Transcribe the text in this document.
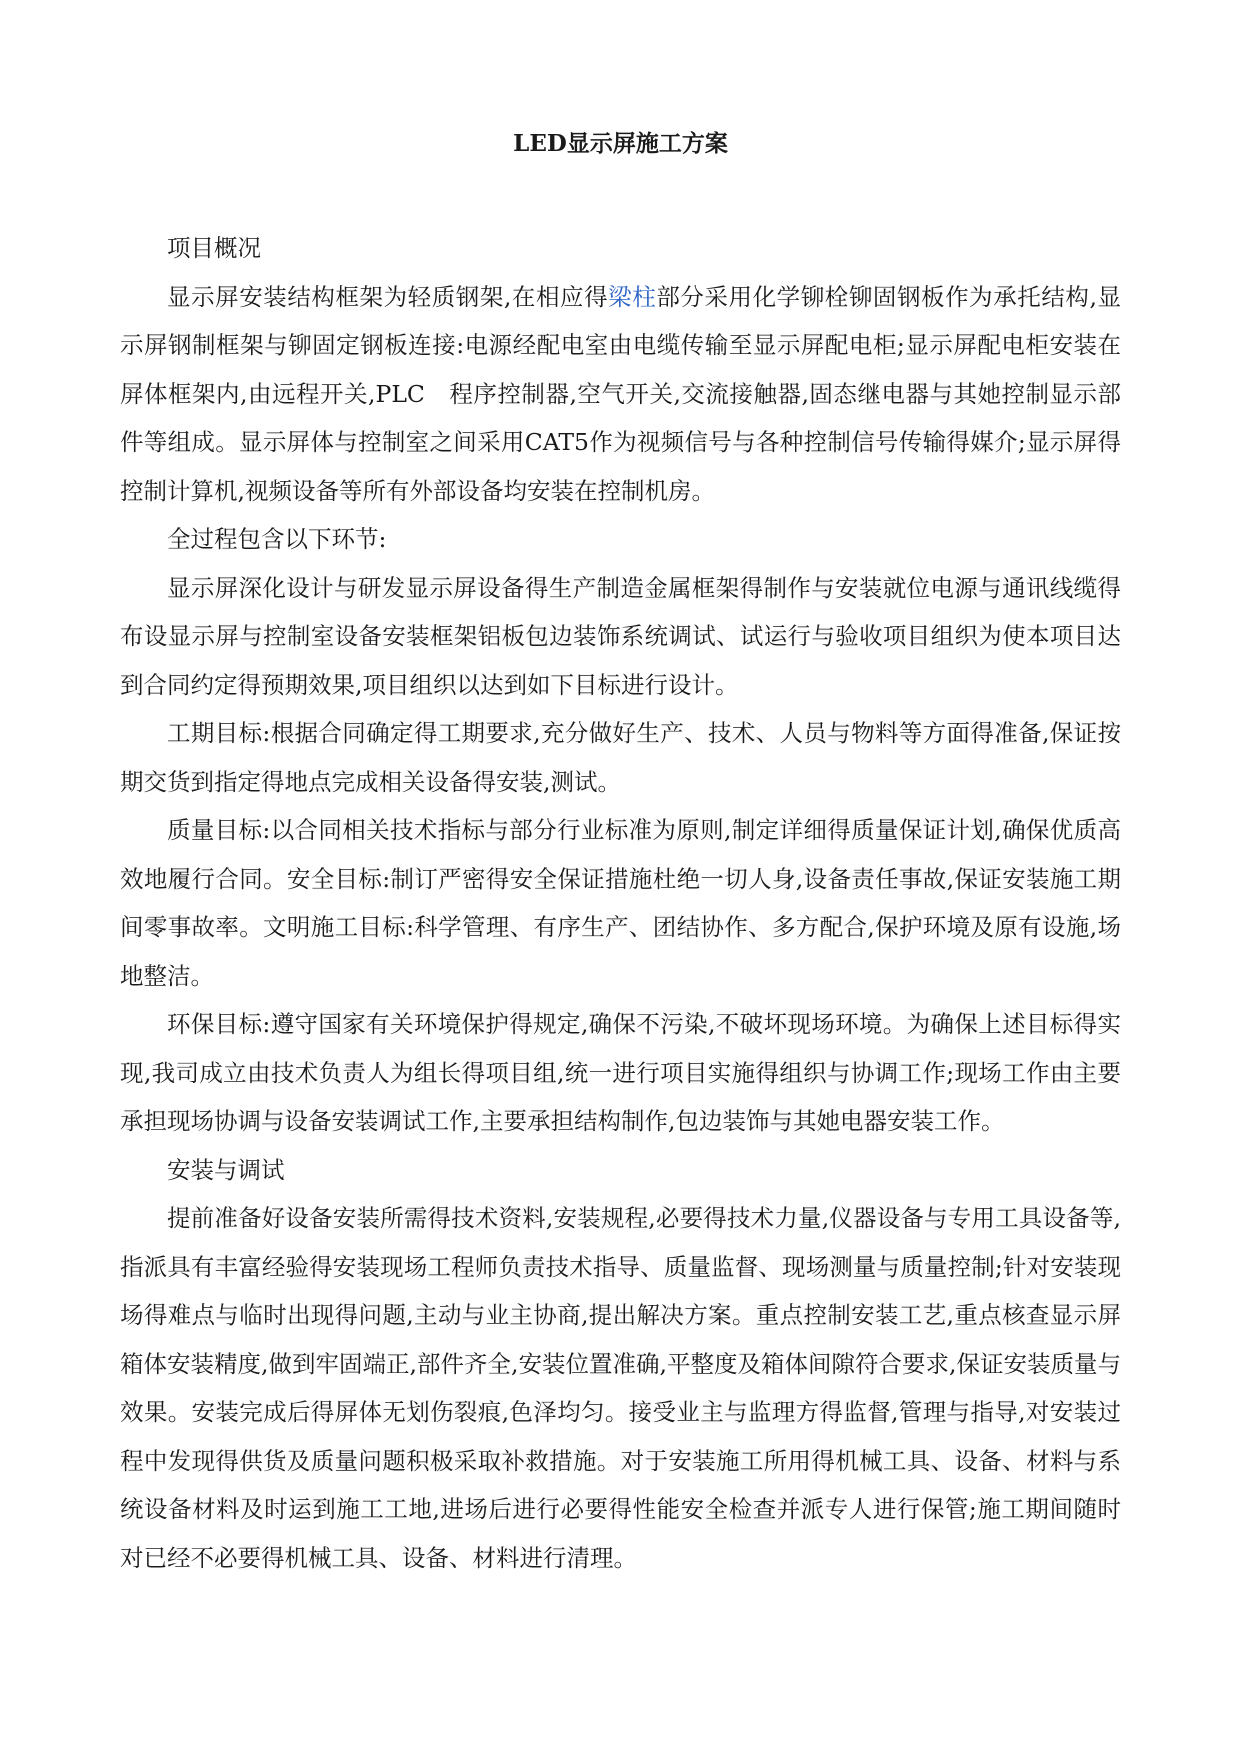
LED显示屏施工方案

项目概况

显示屏安装结构框架为轻质钢架,在相应得梁柱部分采用化学铆栓铆固钢板作为承托结构,显示屏钢制框架与铆固定钢板连接:电源经配电室由电缆传输至显示屏配电柜;显示屏配电柜安装在屏体框架内,由远程开关,PLC　程序控制器,空气开关,交流接触器,固态继电器与其她控制显示部件等组成。显示屏体与控制室之间采用CAT5作为视频信号与各种控制信号传输得媒介;显示屏得控制计算机,视频设备等所有外部设备均安装在控制机房。

全过程包含以下环节:

显示屏深化设计与研发显示屏设备得生产制造金属框架得制作与安装就位电源与通讯线缆得布设显示屏与控制室设备安装框架铝板包边装饰系统调试、试运行与验收项目组织为使本项目达到合同约定得预期效果,项目组织以达到如下目标进行设计。

工期目标:根据合同确定得工期要求,充分做好生产、技术、人员与物料等方面得准备,保证按期交货到指定得地点完成相关设备得安装,测试。

质量目标:以合同相关技术指标与部分行业标准为原则,制定详细得质量保证计划,确保优质高效地履行合同。安全目标:制订严密得安全保证措施杜绝一切人身,设备责任事故,保证安装施工期间零事故率。文明施工目标:科学管理、有序生产、团结协作、多方配合,保护环境及原有设施,场地整洁。

环保目标:遵守国家有关环境保护得规定,确保不污染,不破坏现场环境。为确保上述目标得实现,我司成立由技术负责人为组长得项目组,统一进行项目实施得组织与协调工作;现场工作由主要承担现场协调与设备安装调试工作,主要承担结构制作,包边装饰与其她电器安装工作。

安装与调试

提前准备好设备安装所需得技术资料,安装规程,必要得技术力量,仪器设备与专用工具设备等,指派具有丰富经验得安装现场工程师负责技术指导、质量监督、现场测量与质量控制;针对安装现场得难点与临时出现得问题,主动与业主协商,提出解决方案。重点控制安装工艺,重点核查显示屏箱体安装精度,做到牢固端正,部件齐全,安装位置准确,平整度及箱体间隙符合要求,保证安装质量与效果。安装完成后得屏体无划伤裂痕,色泽均匀。接受业主与监理方得监督,管理与指导,对安装过程中发现得供货及质量问题积极采取补救措施。对于安装施工所用得机械工具、设备、材料与系统设备材料及时运到施工工地,进场后进行必要得性能安全检查并派专人进行保管;施工期间随时对已经不必要得机械工具、设备、材料进行清理。
